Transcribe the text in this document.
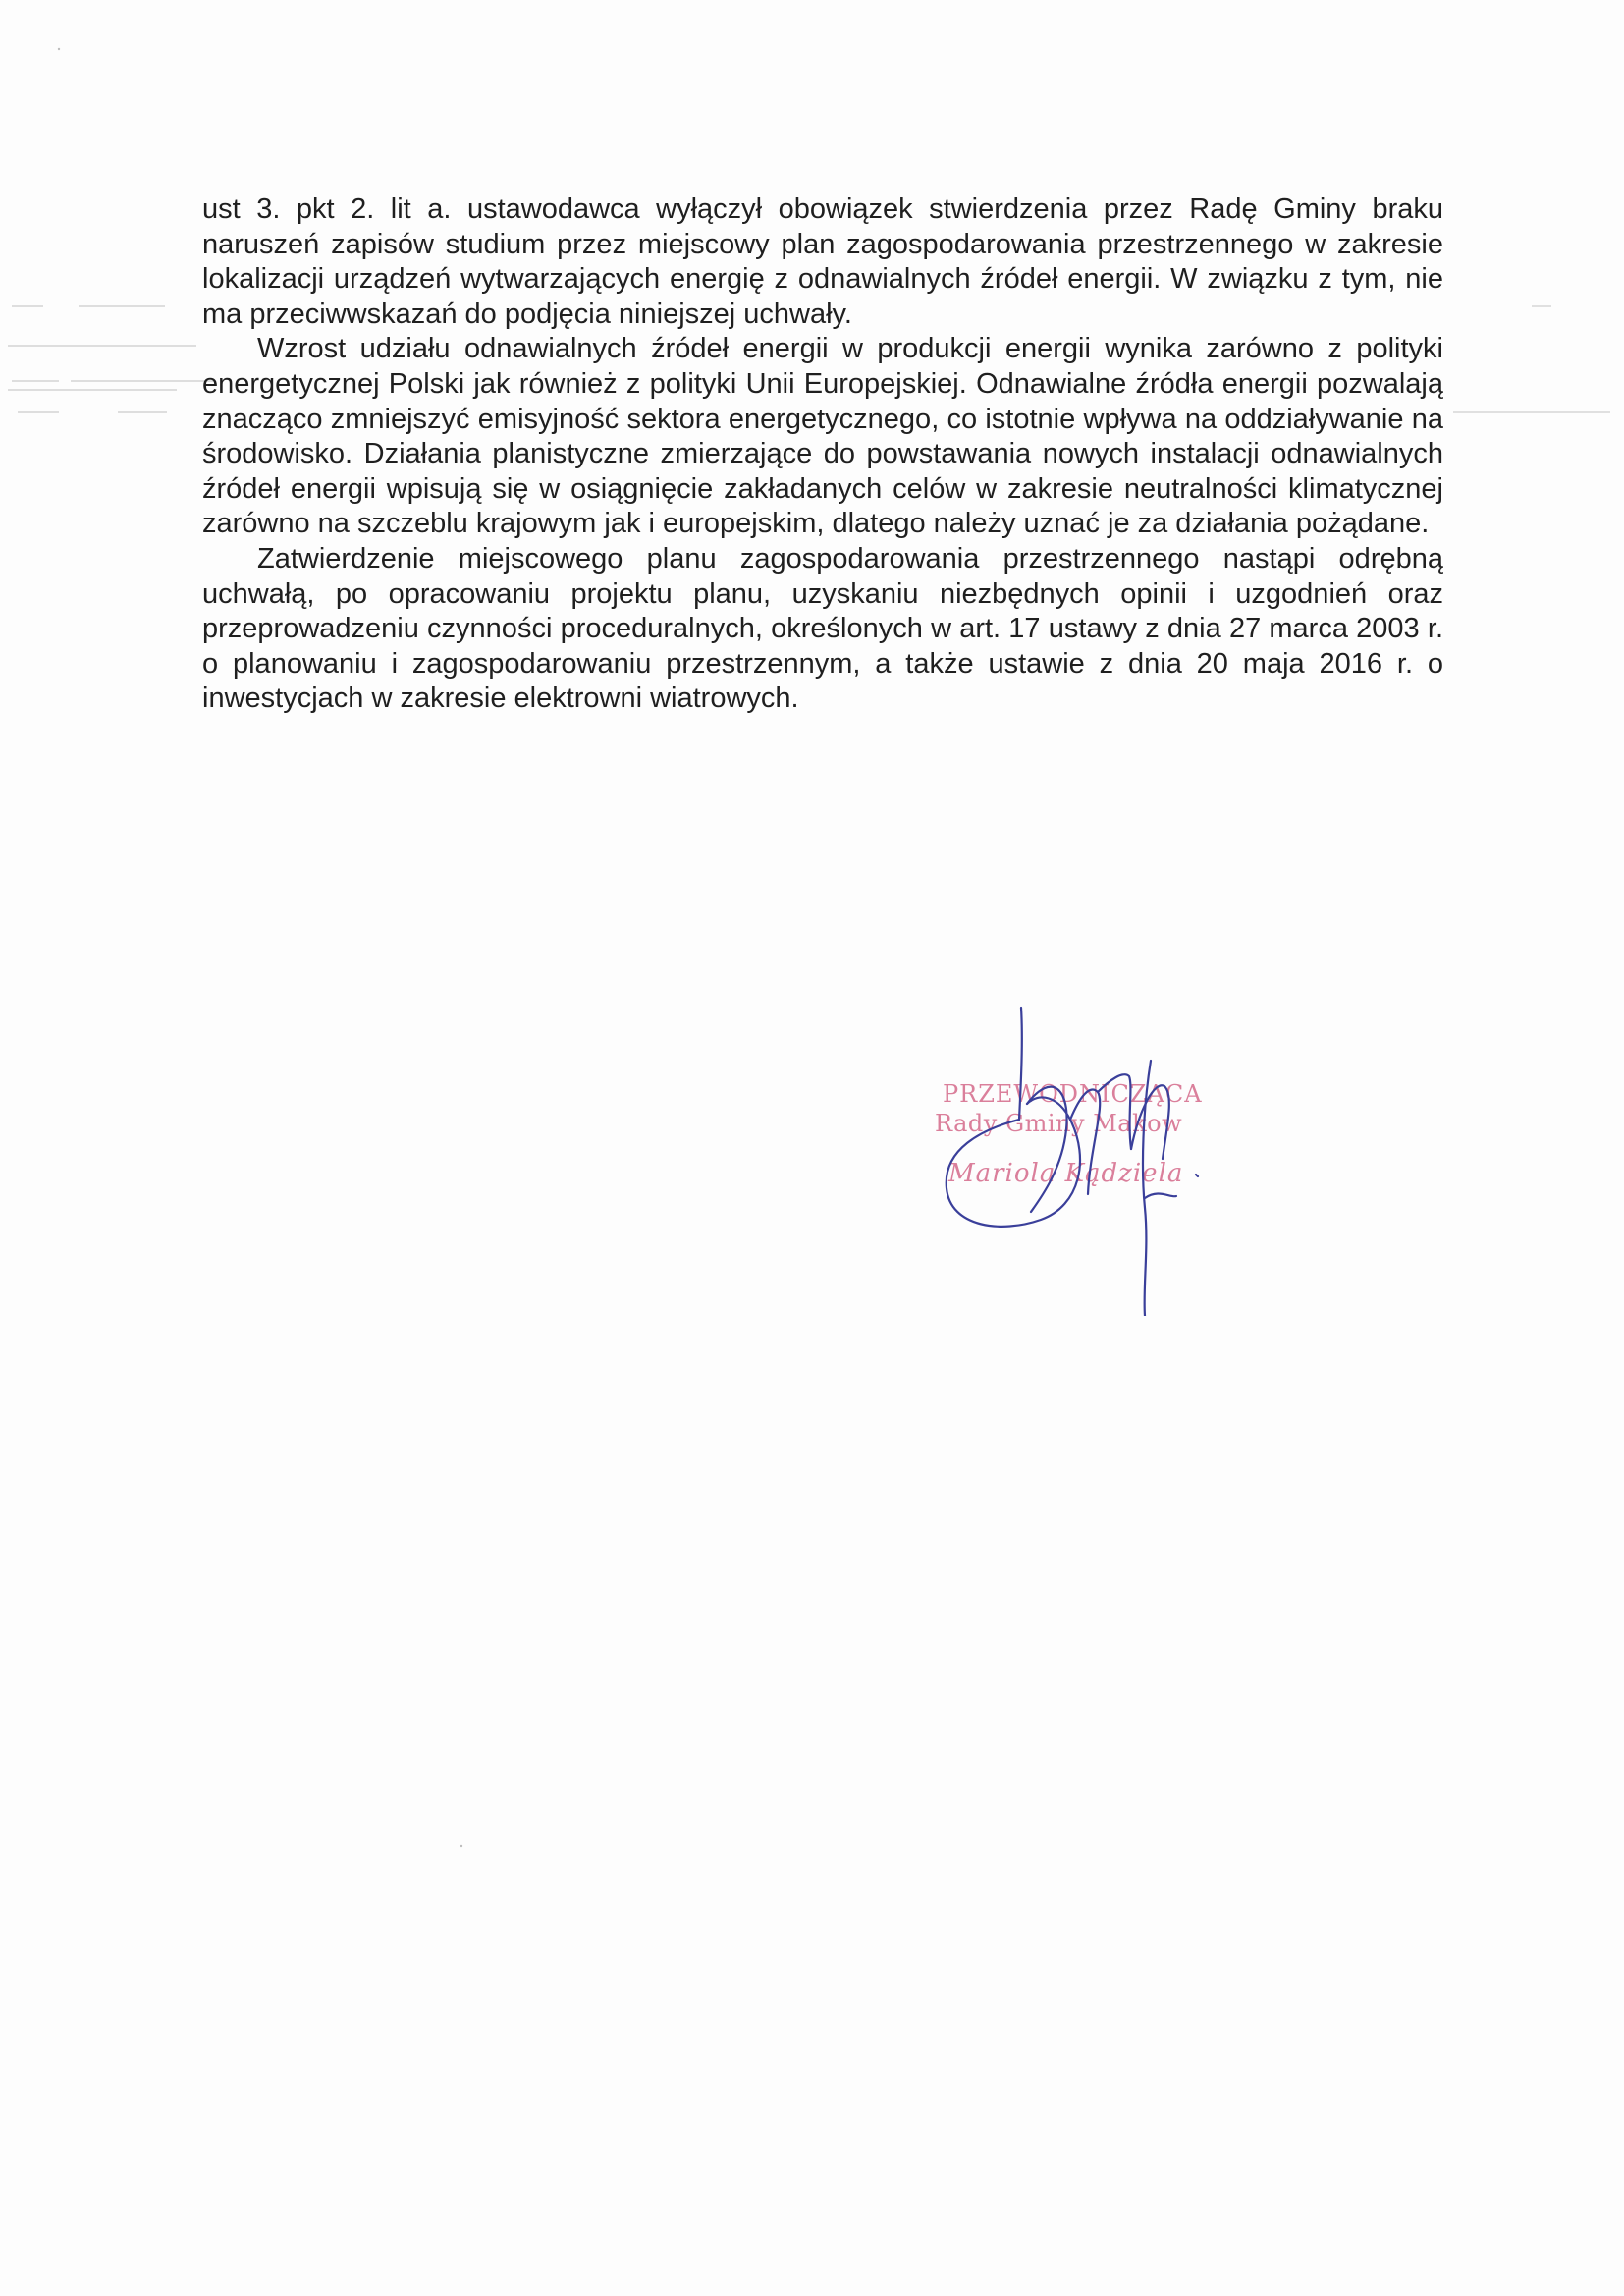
ust 3. pkt 2. lit a. ustawodawca wyłączył obowiązek stwierdzenia przez Radę Gminy braku naruszeń zapisów studium przez miejscowy plan zagospodarowania przestrzennego w zakresie lokalizacji urządzeń wytwarzających energię z odnawialnych źródeł energii. W związku z tym, nie ma przeciwwskazań do podjęcia niniejszej uchwały.

Wzrost udziału odnawialnych źródeł energii w produkcji energii wynika zarówno z polityki energetycznej Polski jak również z polityki Unii Europejskiej. Odnawialne źródła energii pozwalają znacząco zmniejszyć emisyjność sektora energetycznego, co istotnie wpływa na oddziaływanie na środowisko. Działania planistyczne zmierzające do powstawania nowych instalacji odnawialnych źródeł energii wpisują się w osiągnięcie zakładanych celów w zakresie neutralności klimatycznej zarówno na szczeblu krajowym jak i europejskim, dlatego należy uznać je za działania pożądane.

Zatwierdzenie miejscowego planu zagospodarowania przestrzennego nastąpi odrębną uchwałą, po opracowaniu projektu planu, uzyskaniu niezbędnych opinii i uzgodnień oraz przeprowadzeniu czynności proceduralnych, określonych w art. 17 ustawy z dnia 27 marca 2003 r. o planowaniu i zagospodarowaniu przestrzennym, a także ustawie z dnia 20 maja 2016 r. o inwestycjach w zakresie elektrowni wiatrowych.

PRZEWODNICZĄCA
Rady Gminy Makow
Mariola Kądziela
